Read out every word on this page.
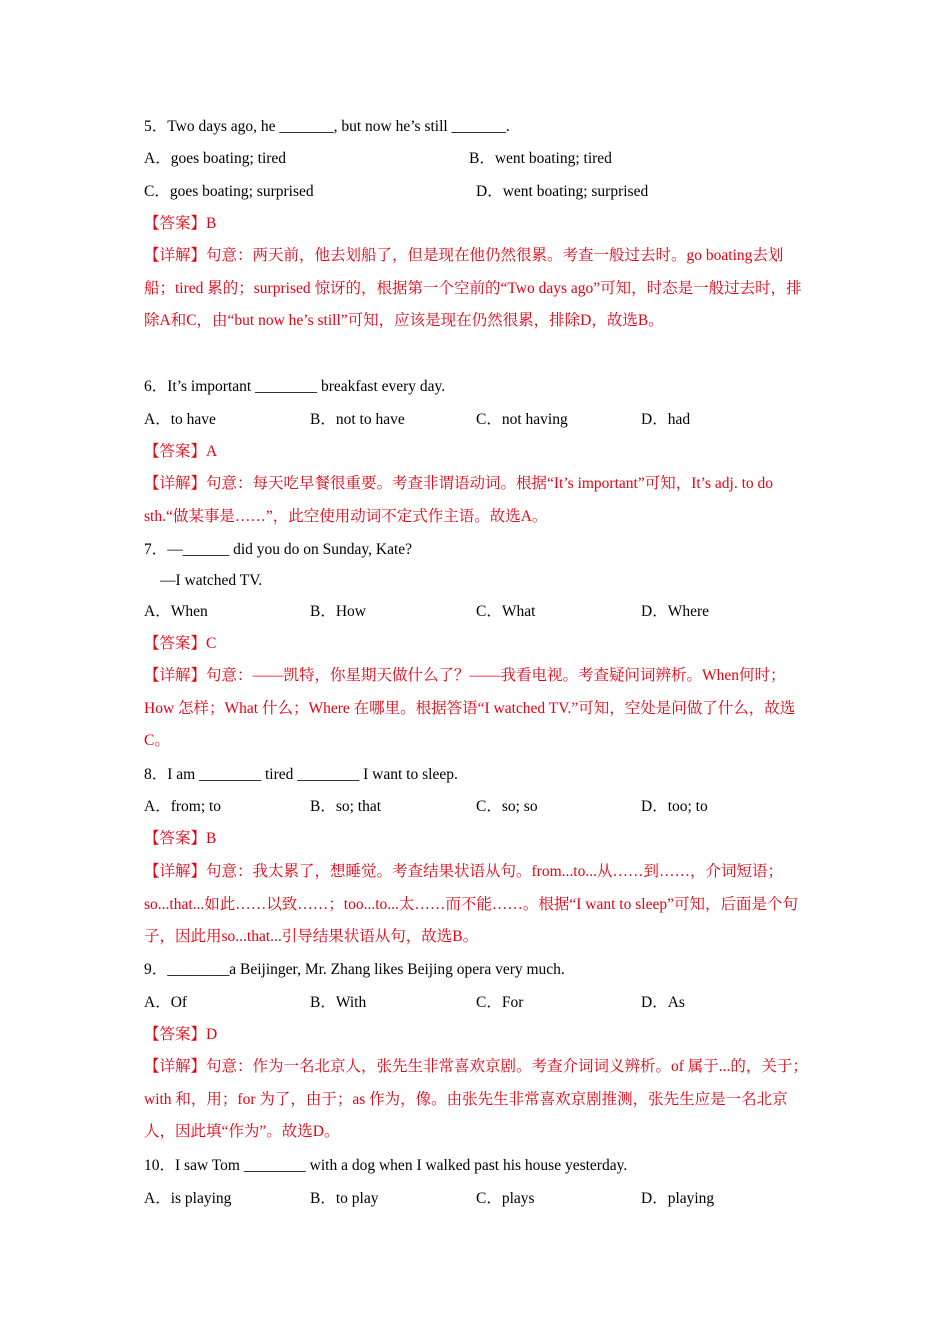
5．Two days ago, he _______, but now he’s still _______.
A．goes boating; tired	B．went boating; tired
C．goes boating; surprised	D．went boating; surprised
【答案】B
【详解】句意：两天前，他去划船了，但是现在他仍然很累。考查一般过去时。go boating去划船；tired 累的；surprised 惊讶的，根据第一个空前的“Two days ago”可知，时态是一般过去时，排除A和C，由“but now he’s still”可知，应该是现在仍然很累，排除D，故选B。
6．It’s important ________ breakfast every day.
A．to have	B．not to have	C．not having	D．had
【答案】A
【详解】句意：每天吃早餐很重要。考查非谓语动词。根据“It’s important”可知，It’s adj. to do sth.“做某事是……”，此空使用动词不定式作主语。故选A。
7．—______ did you do on Sunday, Kate?
—I watched TV.
A．When	B．How	C．What	D．Where
【答案】C
【详解】句意：——凯特，你星期天做什么了？——我看电视。考查疑问词辨析。When何时；How 怎样；What 什么；Where 在哪里。根据答语“I watched TV.”可知，空处是问做了什么，故选C。
8．I am ________ tired ________ I want to sleep.
A．from; to	B．so; that	C．so; so	D．too; to
【答案】B
【详解】句意：我太累了，想睡觉。考查结果状语从句。from...to...从……到……，介词短语；so...that...如此……以致……；too...to...太……而不能……。根据“I want to sleep”可知，后面是个句子，因此用so...that...引导结果状语从句，故选B。
9．________a Beijinger, Mr. Zhang likes Beijing opera very much.
A．Of	B．With	C．For	D．As
【答案】D
【详解】句意：作为一名北京人，张先生非常喜欢京剧。考查介词词义辨析。of 属于...的，关于；with 和，用；for 为了，由于；as 作为，像。由张先生非常喜欢京剧推测，张先生应是一名北京人，因此填“作为”。故选D。
10．I saw Tom ________ with a dog when I walked past his house yesterday.
A．is playing	B．to play	C．plays	D．playing
